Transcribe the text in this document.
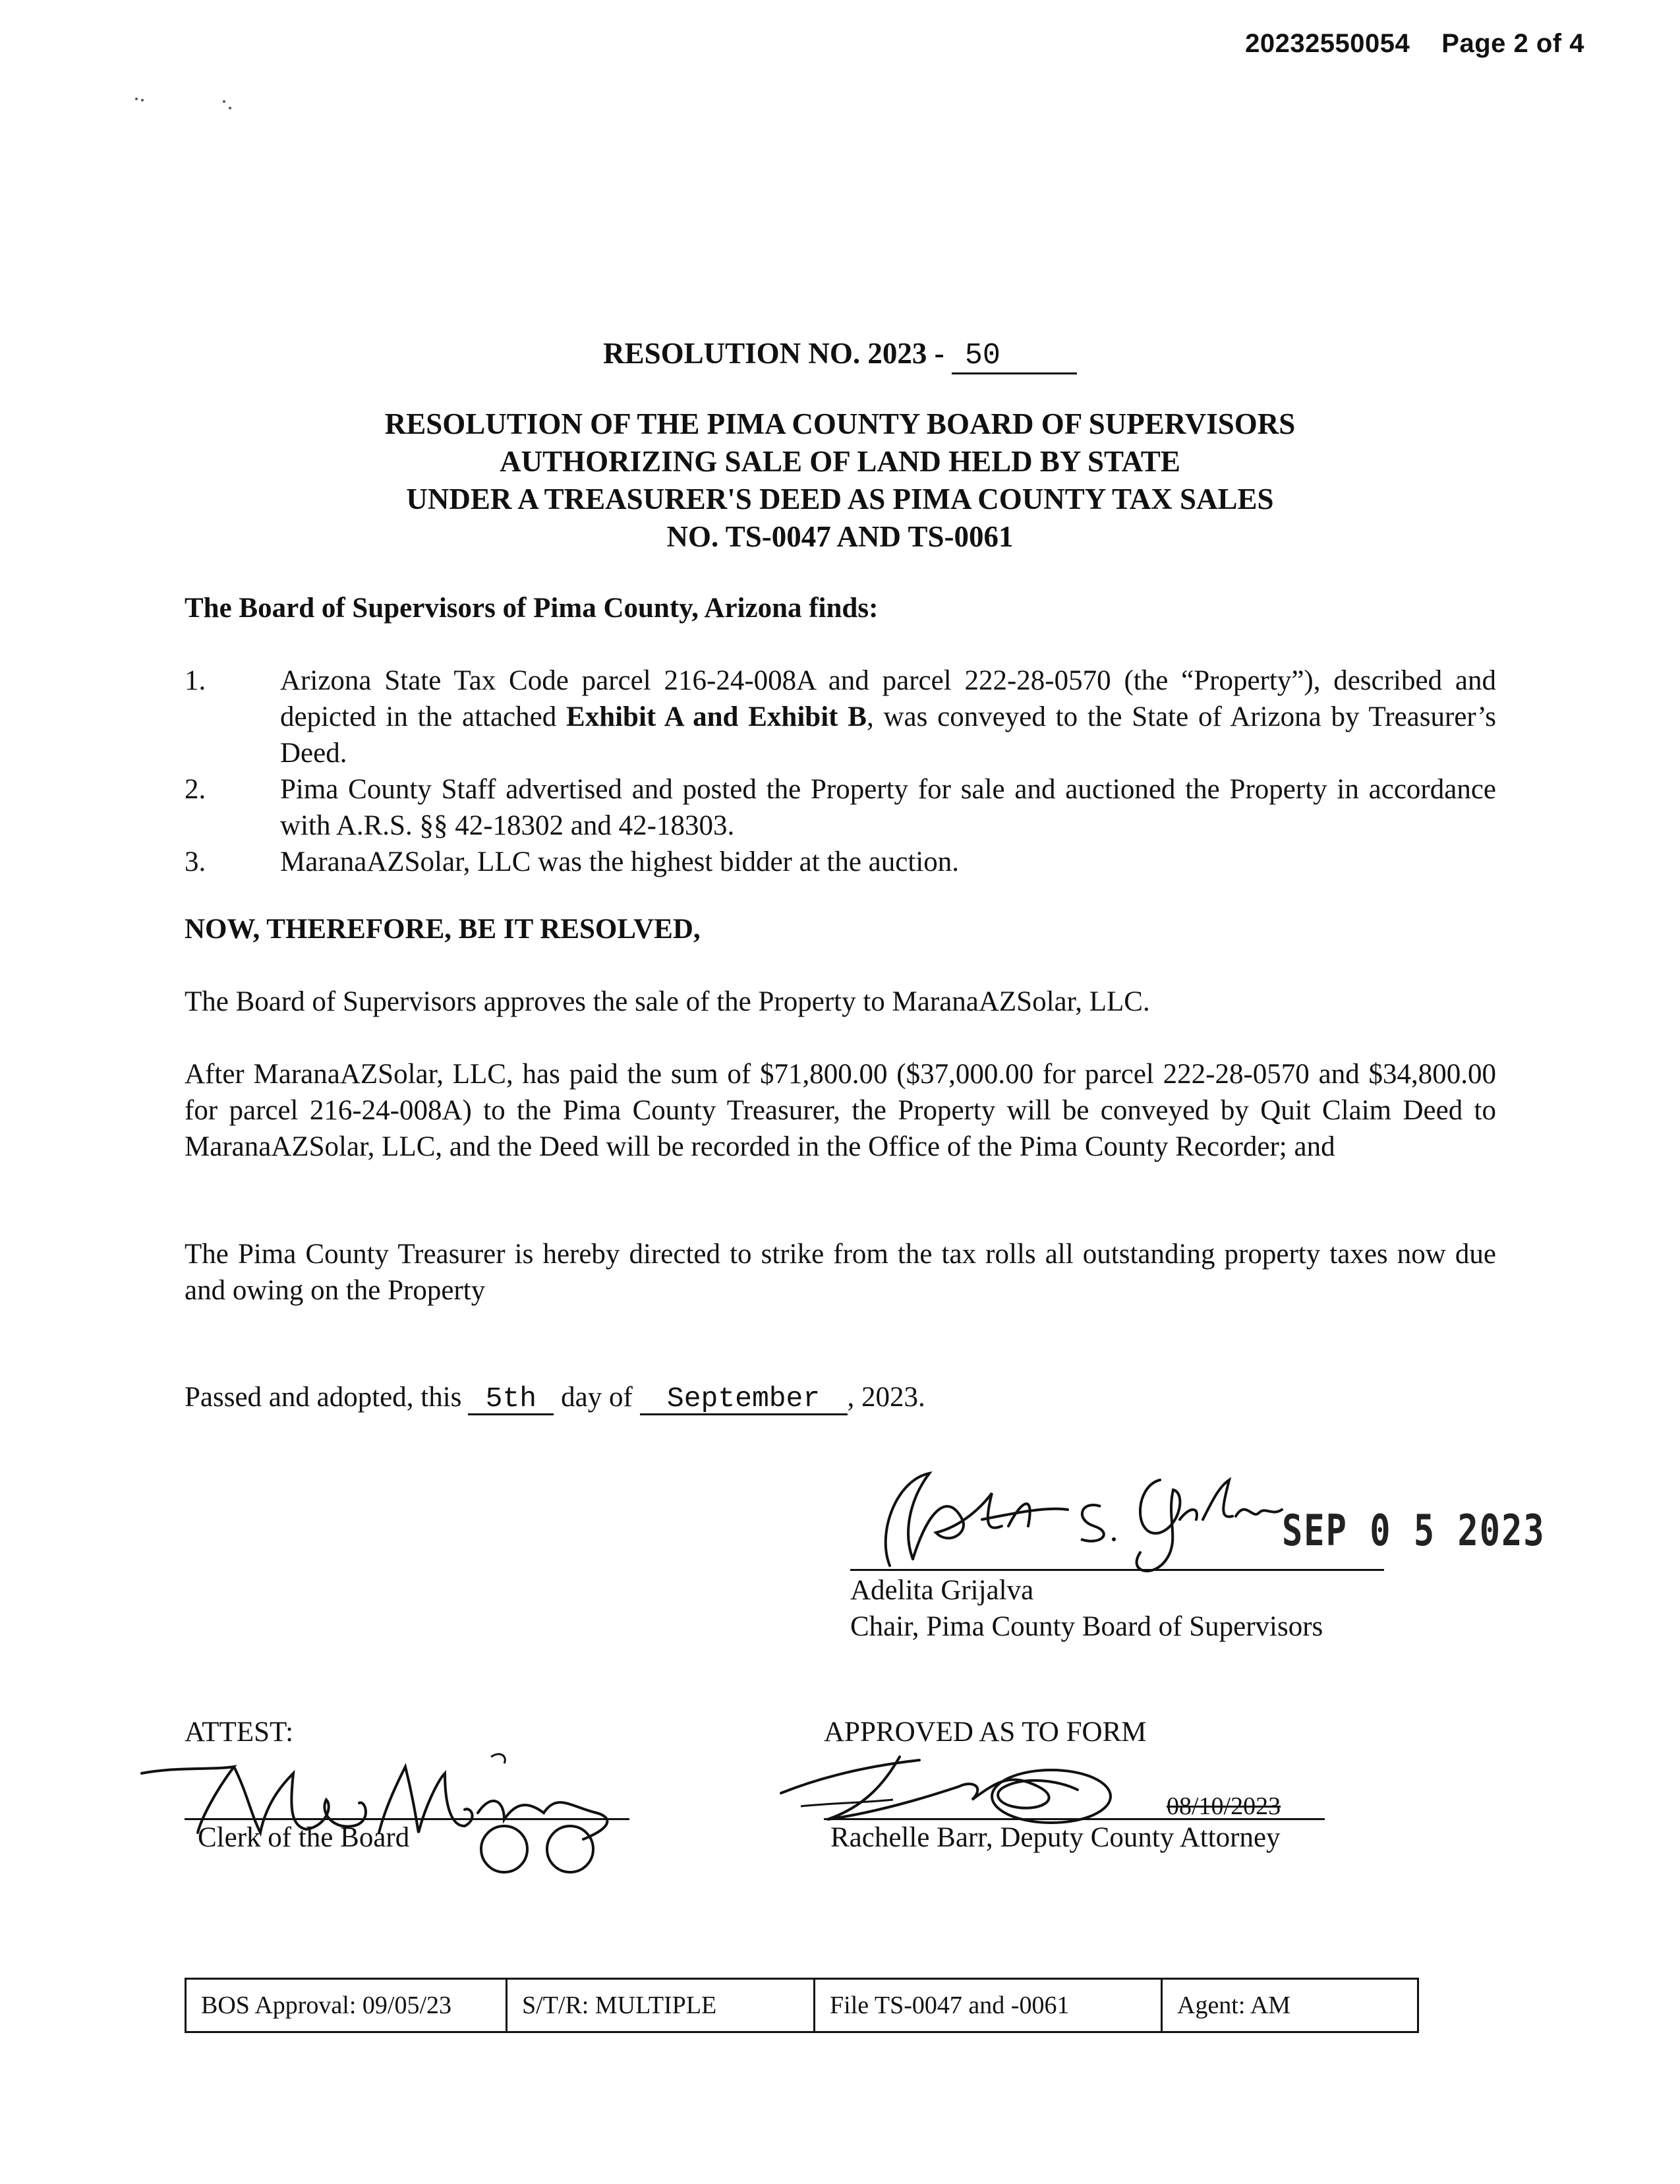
20232550054 Page 2 of 4
RESOLUTION NO. 2023 - 50
RESOLUTION OF THE PIMA COUNTY BOARD OF SUPERVISORS
AUTHORIZING SALE OF LAND HELD BY STATE
UNDER A TREASURER'S DEED AS PIMA COUNTY TAX SALES
NO. TS-0047 AND TS-0061
The Board of Supervisors of Pima County, Arizona finds:
1.	Arizona State Tax Code parcel 216-24-008A and parcel 222-28-0570 (the “Property”), described and depicted in the attached Exhibit A and Exhibit B, was conveyed to the State of Arizona by Treasurer’s Deed.
2.	Pima County Staff advertised and posted the Property for sale and auctioned the Property in accordance with A.R.S. §§ 42-18302 and 42-18303.
3.	MaranaAZSolar, LLC was the highest bidder at the auction.
NOW, THEREFORE, BE IT RESOLVED,
The Board of Supervisors approves the sale of the Property to MaranaAZSolar, LLC.
After MaranaAZSolar, LLC, has paid the sum of $71,800.00 ($37,000.00 for parcel 222-28-0570 and $34,800.00 for parcel 216-24-008A) to the Pima County Treasurer, the Property will be conveyed by Quit Claim Deed to MaranaAZSolar, LLC, and the Deed will be recorded in the Office of the Pima County Recorder; and
The Pima County Treasurer is hereby directed to strike from the tax rolls all outstanding property taxes now due and owing on the Property
Passed and adopted, this 5th day of September , 2023.
SEP 0 5 2023
Adelita Grijalva
Chair, Pima County Board of Supervisors
ATTEST:
Clerk of the Board
APPROVED AS TO FORM
08/10/2023
Rachelle Barr, Deputy County Attorney
BOS Approval: 09/05/23	S/T/R: MULTIPLE	File TS-0047 and -0061	Agent: AM
